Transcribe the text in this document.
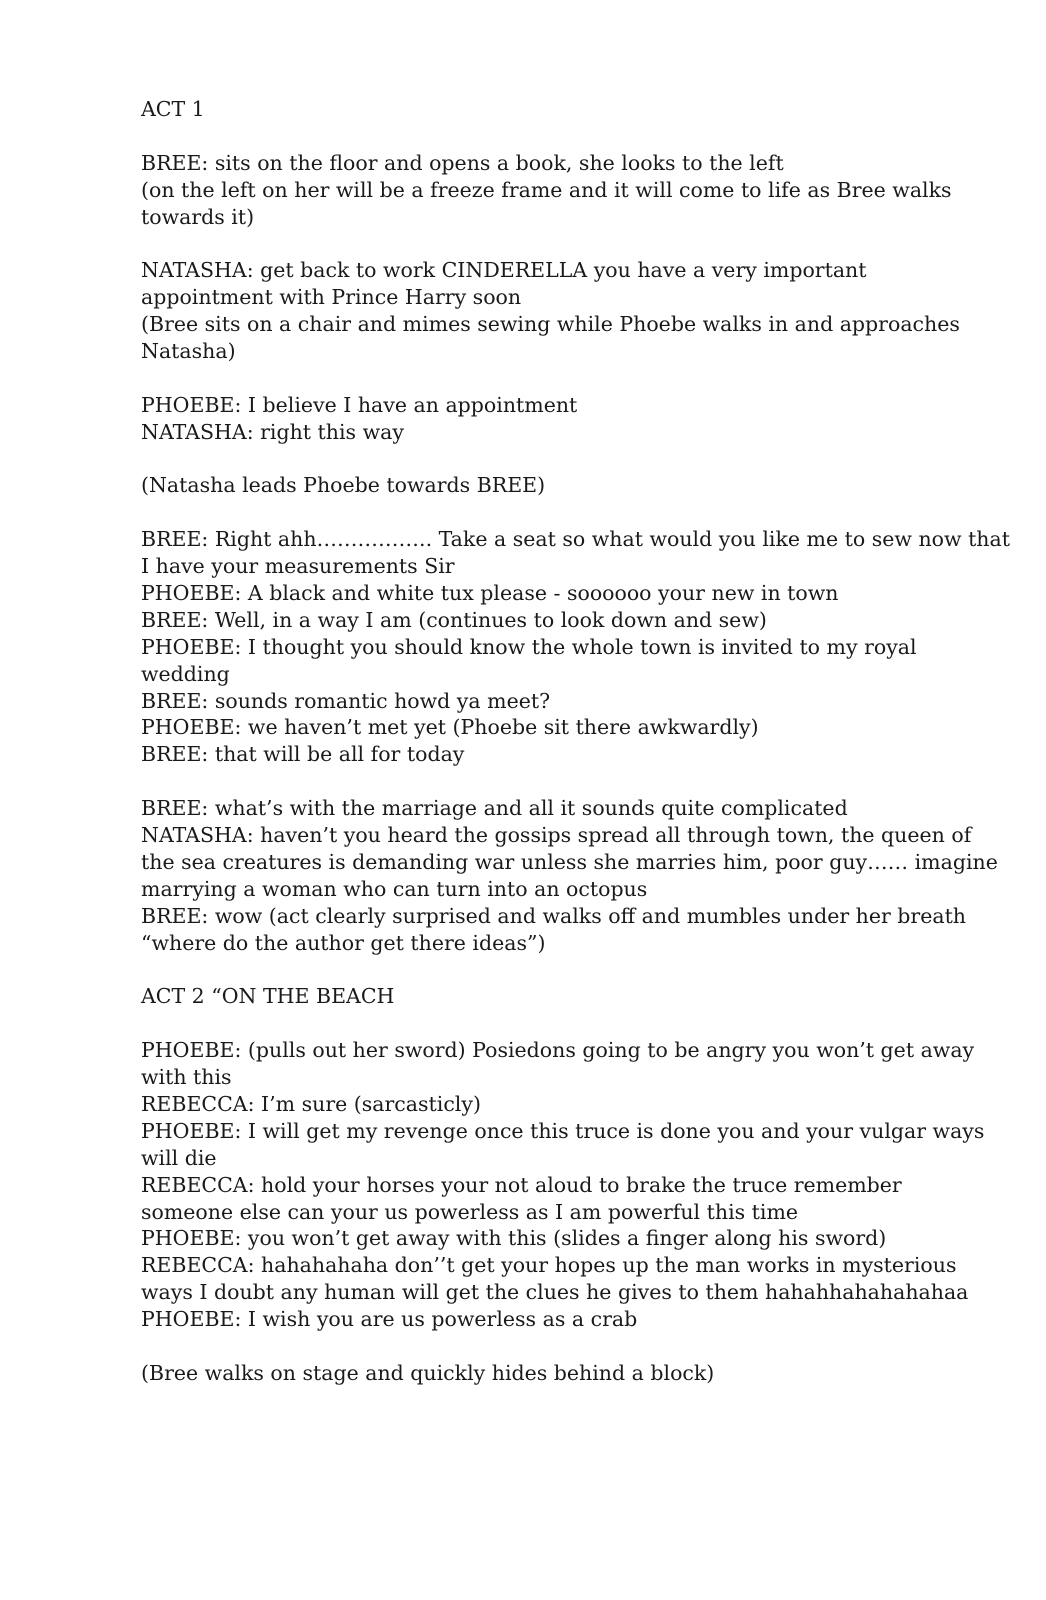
ACT 1
BREE: sits on the floor and opens a book, she looks to the left
(on the left on her will be a freeze frame and it will come to life as Bree walks
towards it)
NATASHA: get back to work CINDERELLA you have a very important
appointment with Prince Harry soon
(Bree sits on a chair and mimes sewing while Phoebe walks in and approaches
Natasha)
PHOEBE: I believe I have an appointment
NATASHA: right this way
(Natasha leads Phoebe towards BREE)
BREE: Right ahh…………….. Take a seat so what would you like me to sew now that
I have your measurements Sir
PHOEBE: A black and white tux please - soooooo your new in town
BREE: Well, in a way I am (continues to look down and sew)
PHOEBE: I thought you should know the whole town is invited to my royal
wedding
BREE: sounds romantic howd ya meet?
PHOEBE: we haven’t met yet (Phoebe sit there awkwardly)
BREE: that will be all for today
BREE: what’s with the marriage and all it sounds quite complicated
NATASHA: haven’t you heard the gossips spread all through town, the queen of
the sea creatures is demanding war unless she marries him, poor guy…… imagine
marrying a woman who can turn into an octopus
BREE: wow (act clearly surprised and walks off and mumbles under her breath
“where do the author get there ideas”)
ACT 2 “ON THE BEACH
PHOEBE: (pulls out her sword) Posiedons going to be angry you won’t get away
with this
REBECCA: I’m sure (sarcasticly)
PHOEBE: I will get my revenge once this truce is done you and your vulgar ways
will die
REBECCA: hold your horses your not aloud to brake the truce remember
someone else can your us powerless as I am powerful this time
PHOEBE: you won’t get away with this (slides a finger along his sword)
REBECCA: hahahahaha don’’t get your hopes up the man works in mysterious
ways I doubt any human will get the clues he gives to them hahahhahahahahaa
PHOEBE: I wish you are us powerless as a crab
(Bree walks on stage and quickly hides behind a block)
